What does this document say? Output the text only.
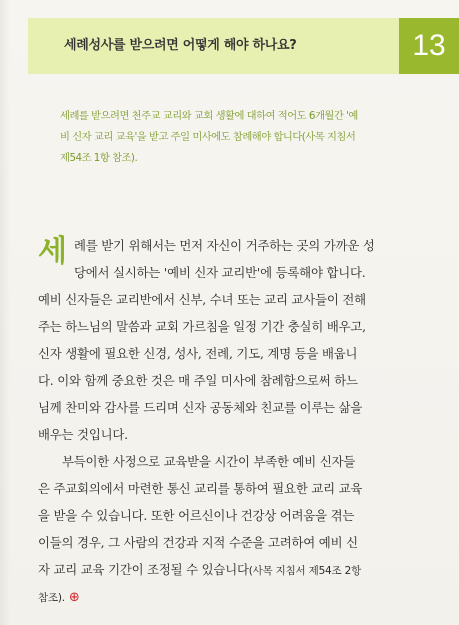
세례성사를 받으려면 어떻게 해야 하나요?	13
세례를 받으려면 천주교 교리와 교회 생활에 대하여 적어도 6개월간 '예
비 신자 교리 교육'을 받고 주일 미사에도 참례해야 합니다(사목 지침서
제54조 1항 참조).
세 례를 받기 위해서는 먼저 자신이 거주하는 곳의 가까운 성
당에서 실시하는 '예비 신자 교리반'에 등록해야 합니다.
예비 신자들은 교리반에서 신부, 수녀 또는 교리 교사들이 전해
주는 하느님의 말씀과 교회 가르침을 일정 기간 충실히 배우고,
신자 생활에 필요한 신경, 성사, 전례, 기도, 계명 등을 배웁니
다. 이와 함께 중요한 것은 매 주일 미사에 참례함으로써 하느
님께 찬미와 감사를 드리며 신자 공동체와 친교를 이루는 삶을
배우는 것입니다.
부득이한 사정으로 교육받을 시간이 부족한 예비 신자들
은 주교회의에서 마련한 통신 교리를 통하여 필요한 교리 교육
을 받을 수 있습니다. 또한 어르신이나 건강상 어려움을 겪는
이들의 경우, 그 사람의 건강과 지적 수준을 고려하여 예비 신
자 교리 교육 기간이 조정될 수 있습니다(사목 지침서 제54조 2항
참조). ⊕
